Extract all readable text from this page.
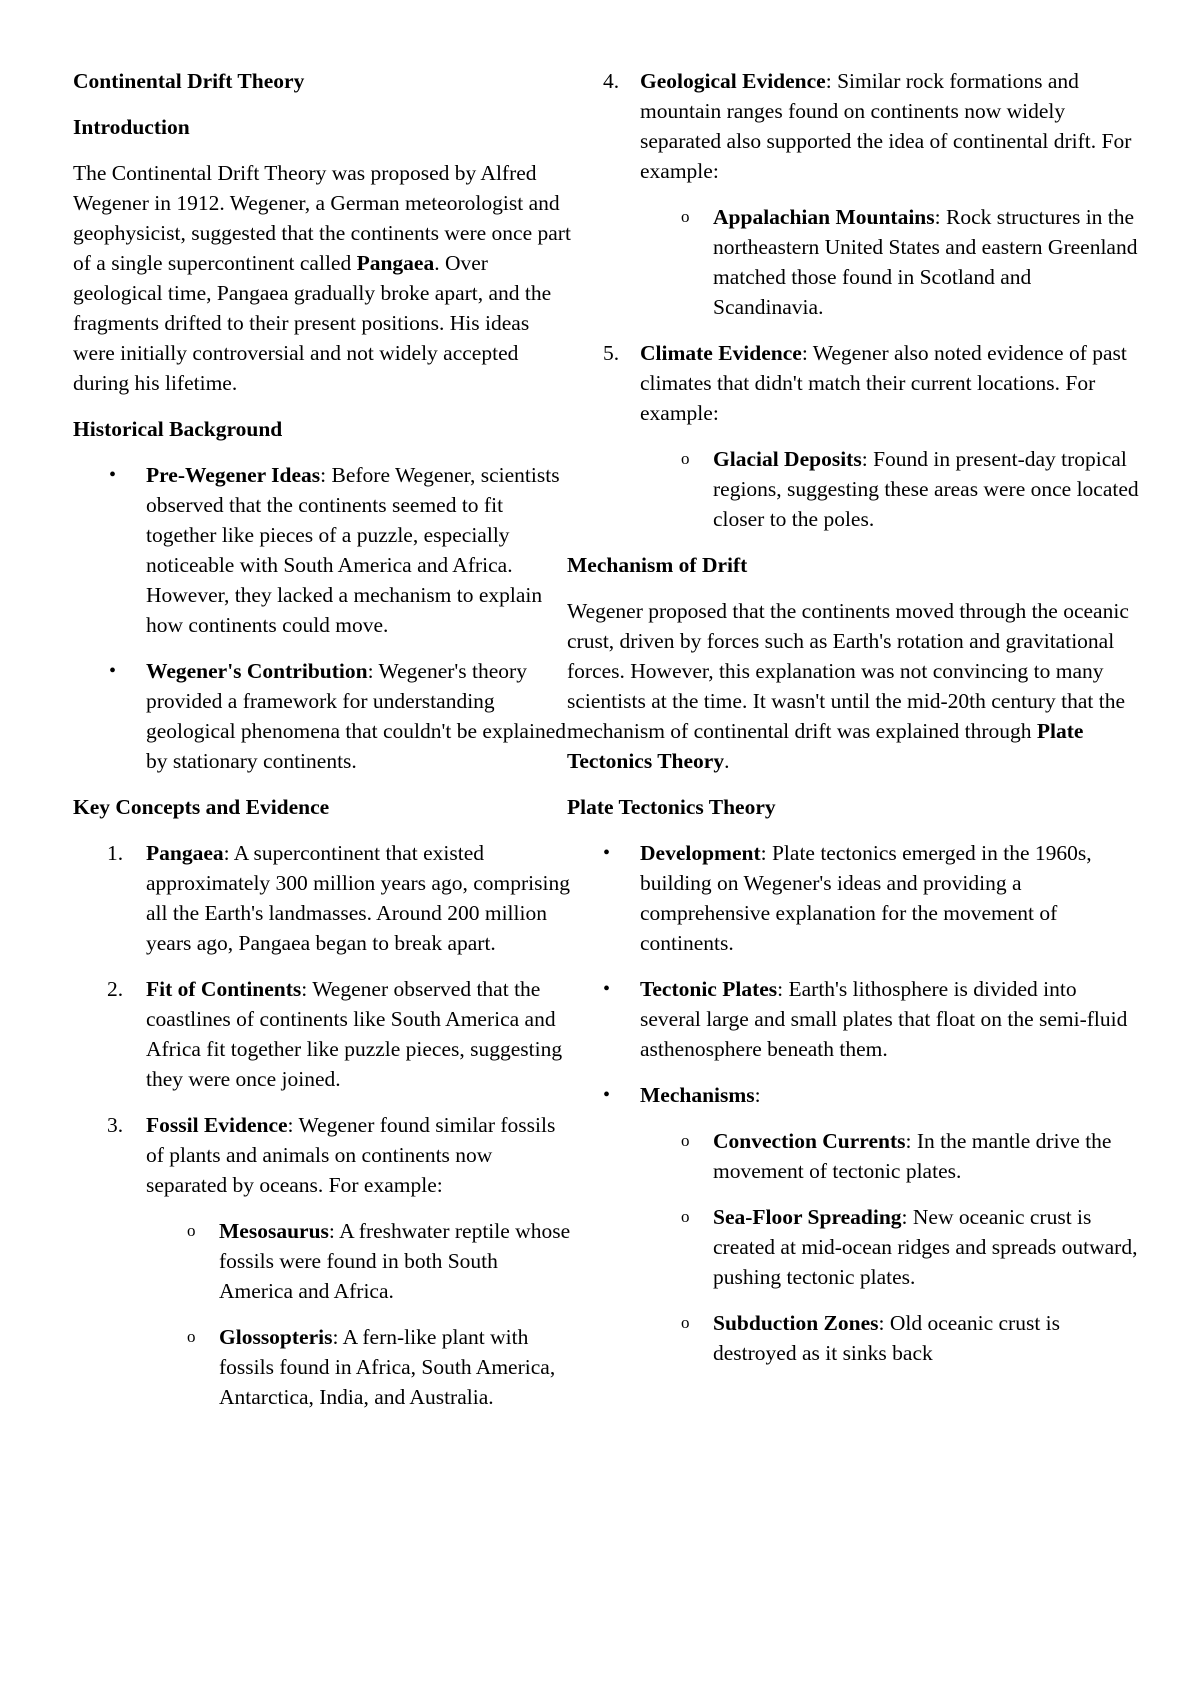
Continental Drift Theory
Introduction

The Continental Drift Theory was proposed by Alfred Wegener in 1912. Wegener, a German meteorologist and geophysicist, suggested that the continents were once part of a single supercontinent called Pangaea. Over geological time, Pangaea gradually broke apart, and the fragments drifted to their present positions. His ideas were initially controversial and not widely accepted during his lifetime.

Historical Background
•	Pre-Wegener Ideas: Before Wegener, scientists observed that the continents seemed to fit together like pieces of a puzzle, especially noticeable with South America and Africa. However, they lacked a mechanism to explain how continents could move.
•	Wegener's Contribution: Wegener's theory provided a framework for understanding geological phenomena that couldn't be explained by stationary continents.
Key Concepts and Evidence
1.	Pangaea: A supercontinent that existed approximately 300 million years ago, comprising all the Earth's landmasses. Around 200 million years ago, Pangaea began to break apart.
2.	Fit of Continents: Wegener observed that the coastlines of continents like South America and Africa fit together like puzzle pieces, suggesting they were once joined.
3.	Fossil Evidence: Wegener found similar fossils of plants and animals on continents now separated by oceans. For example:
o	Mesosaurus: A freshwater reptile whose fossils were found in both South America and Africa.
o	Glossopteris: A fern-like plant with fossils found in Africa, South America, Antarctica, India, and Australia.
4. Geological Evidence: Similar rock formations and mountain ranges found on continents now widely separated also supported the idea of continental drift. For example:
o	Appalachian Mountains: Rock structures in the northeastern United States and eastern Greenland matched those found in Scotland and Scandinavia.
5. Climate Evidence: Wegener also noted evidence of past climates that didn't match their current locations. For example:
o	Glacial Deposits: Found in present-day tropical regions, suggesting these areas were once located closer to the poles.
Mechanism of Drift

Wegener proposed that the continents moved through the oceanic crust, driven by forces such as Earth's rotation and gravitational forces. However, this explanation was not convincing to many scientists at the time. It wasn't until the mid-20th century that the mechanism of continental drift was explained through Plate Tectonics Theory.

Plate Tectonics Theory
•	Development: Plate tectonics emerged in the 1960s, building on Wegener's ideas and providing a comprehensive explanation for the movement of continents.
•	Tectonic Plates: Earth's lithosphere is divided into several large and small plates that float on the semi-fluid asthenosphere beneath them.
•	Mechanisms:
o	Convection Currents: In the mantle drive the movement of tectonic plates.
o	Sea-Floor Spreading: New oceanic crust is created at mid-ocean ridges and spreads outward, pushing tectonic plates.
o	Subduction Zones: Old oceanic crust is destroyed as it sinks back
